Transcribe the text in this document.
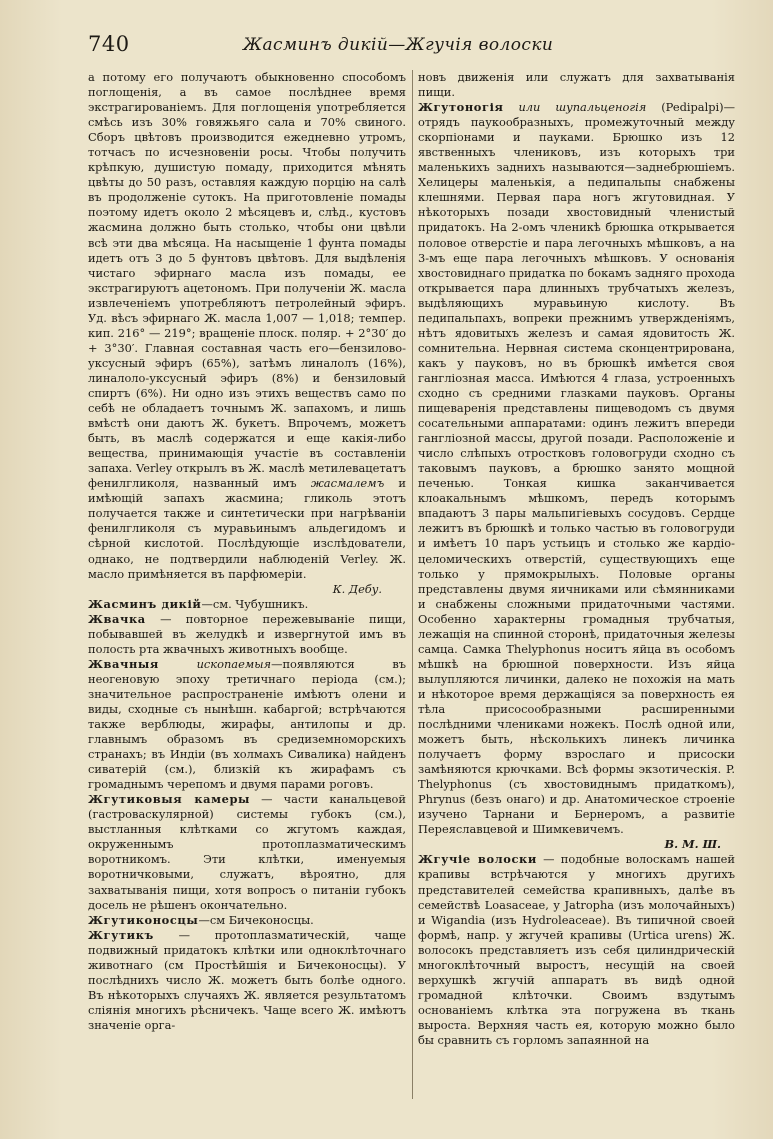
740	Жасминъ дикій—Жгучія волоски

а потому его получаютъ обыкновенно способомъ поглощенія, а въ самое послѣднее время экстрагированіемъ. Для поглощенія употребляется смѣсь изъ 30% говяжьяго сала и 70% свиного. Сборъ цвѣтовъ производится ежедневно утромъ, тотчасъ по исчезновеніи росы. Чтобы получить крѣпкую, душистую помаду, приходится мѣнять цвѣты до 50 разъ, оставляя каждую порцію на салѣ въ продолженіе сутокъ. На приготовленіе помады поэтому идетъ около 2 мѣсяцевъ и, слѣд., кустовъ жасмина должно быть столько, чтобы они цвѣли всѣ эти два мѣсяца. На насыщеніе 1 фунта помады идетъ отъ 3 до 5 фунтовъ цвѣтовъ. Для выдѣленія чистаго эфирнаго масла изъ помады, ее экстрагируютъ ацетономъ. При полученіи Ж. масла извлеченіемъ употребляютъ петролейный эфиръ. Уд. вѣсъ эфирнаго Ж. масла 1,007 — 1,018; темпер. кип. 216° — 219°; вращеніе плоск. поляр. + 2°30′ до + 3°30′. Главная составная часть его—бензилово-уксусный эфиръ (65%), затѣмъ линалолъ (16%), линалоло-уксусный эфиръ (8%) и бензиловый спиртъ (6%). Ни одно изъ этихъ веществъ само по себѣ не обладаетъ точнымъ Ж. запахомъ, и лишь вмѣстѣ они даютъ Ж. букетъ. Впрочемъ, можетъ быть, въ маслѣ содержатся и еще какія-либо вещества, принимающія участіе въ составленіи запаха. Verley открылъ въ Ж. маслѣ метилевацетатъ фенилгликоля, названный имъ жасмалемъ и имѣющій запахъ жасмина; гликоль этотъ получается также и синтетически при нагрѣваніи фенилгликоля съ муравьинымъ альдегидомъ и сѣрной кислотой. Послѣдующіе изслѣдователи, однако, не подтвердили наблюденій Verley. Ж. масло примѣняется въ парфюмеріи.
К. Дебу.

Жасминъ дикій—см. Чубушникъ.

Жвачка — повторное пережевываніе пищи, побывавшей въ желудкѣ и извергнутой имъ въ полость рта жвачныхъ животныхъ вообще.

Жвачныя	ископаемыя—появляются въ неогеновую эпоху третичнаго періода (см.); значительное распространеніе имѣютъ олени и виды, сходные съ нынѣшн. кабаргой; встрѣчаются также верблюды, жирафы, антилопы и др. главнымъ образомъ въ средиземноморскихъ странахъ; въ Индіи (въ холмахъ Сивалика) найденъ сиватерій (см.), близкій къ жирафамъ съ громаднымъ черепомъ и двумя парами роговъ.

Жгутиковыя камеры — части канальцевой (гастроваскулярной) системы губокъ (см.), выстланныя клѣтками со жгутомъ каждая, окруженнымъ протоплазматическимъ воротникомъ. Эти клѣтки, именуемыя воротничковыми, служатъ, вѣроятно, для захватыванія пищи, хотя вопросъ о питаніи губокъ досель не рѣшенъ окончательно.

Жгутиконосцы—см Бичеконосцы.

Жгутикъ — протоплазматическій, чаще подвижный придатокъ клѣтки или одноклѣточнаго животнаго (см Простѣйшія и Бичеконосцы). У послѣднихъ число Ж. можетъ быть болѣе одного. Въ нѣкоторыхъ случаяхъ Ж. является результатомъ сліянія многихъ рѣсничекъ. Чаще всего Ж. имѣютъ значеніе орга-

новъ движенія или служатъ для захватыванія пищи.

Жгутоногія или шупальценогія (Pedipalpi)—отрядъ паукообразныхъ, промежуточный между скорпіонами и пауками. Брюшко изъ 12 явственныхъ члениковъ, изъ которыхъ три маленькихъ заднихъ называются—заднебрюшіемъ. Хелицеры маленькія, а педипальпы снабжены клешнями. Первая пара ногъ жгутовидная. У нѣкоторыхъ позади хвостовидный членистый придатокъ. На 2-омъ членикѣ брюшка открывается половое отверстіе и пара легочныхъ мѣшковъ, а на 3-мъ еще пара легочныхъ мѣшковъ. У основанія хвостовиднаго придатка по бокамъ задняго прохода открывается пара длинныхъ трубчатыхъ железъ, выдѣляющихъ муравьиную кислоту. Въ педипальпахъ, вопреки прежнимъ утвержденіямъ, нѣтъ ядовитыхъ железъ и самая ядовитость Ж. сомнительна. Нервная система сконцентрирована, какъ у пауковъ, но въ брюшкѣ имѣется своя ганглiозная масса. Имѣются 4 глаза, устроенныхъ сходно съ средними глазками пауковъ. Органы пищеваренія представлены пищеводомъ съ двумя сосательными аппаратами: одинъ лежитъ впереди ганглiозной массы, другой позади. Расположеніе и число слѣпыхъ отростковъ головогруди сходно съ таковымъ пауковъ, а брюшко занято мощной печенью. Тонкая кишка заканчивается клоакальнымъ мѣшкомъ, передъ которымъ впадаютъ 3 пары мальпигіевыхъ сосудовъ. Сердце лежитъ въ брюшкѣ и только частью въ головогруди и имѣетъ 10 паръ устьицъ и столько же кардіо-целомическихъ отверстій, существующихъ еще только у прямокрылыхъ. Половые органы представлены двумя яичниками или сѣмянниками и снабжены сложными придаточными частями. Особенно характерны громадныя трубчатыя, лежащія на спинной сторонѣ, придаточныя железы самца. Самка Thelyphonus носитъ яйца въ особомъ мѣшкѣ на брюшной поверхности. Изъ яйца вылупляются личинки, далеко не похожія на мать и нѣкоторое время держащіяся за поверхность ея тѣла присосообразными расширенными послѣдними члениками ножекъ. Послѣ одной или, можетъ быть, нѣсколькихъ линекъ личинка получаетъ форму взрослаго и присоски замѣняются крючками. Всѣ формы экзотическія. P. Thelyphonus (съ хвостовиднымъ придаткомъ), Phrynus (безъ онаго) и др. Анатомическое строеніе изучено Тарнани и Бернеромъ, а развитіе Переяславцевой и Шимкевичемъ.
В. М. Ш.

Жгучіе волоски — подобные волоскамъ нашей крапивы встрѣчаются у многихъ другихъ представителей семейства крапивныхъ, далѣе въ семействѣ Loasaceae, у Jatropha (изъ молочайныхъ) и Wigandia (изъ Hydrolеaceae). Въ типичной своей формѣ, напр. у жгучей крапивы (Urtica urens) Ж. волосокъ представляетъ изъ себя цилиндрическій многоклѣточный выростъ, несущій на своей верхушкѣ жгучій аппаратъ въ видѣ одной громадной клѣточки. Своимъ вздутымъ основаніемъ клѣтка эта погружена въ ткань выроста. Верхняя часть ея, которую можно было бы сравнить съ горломъ запаянной на
